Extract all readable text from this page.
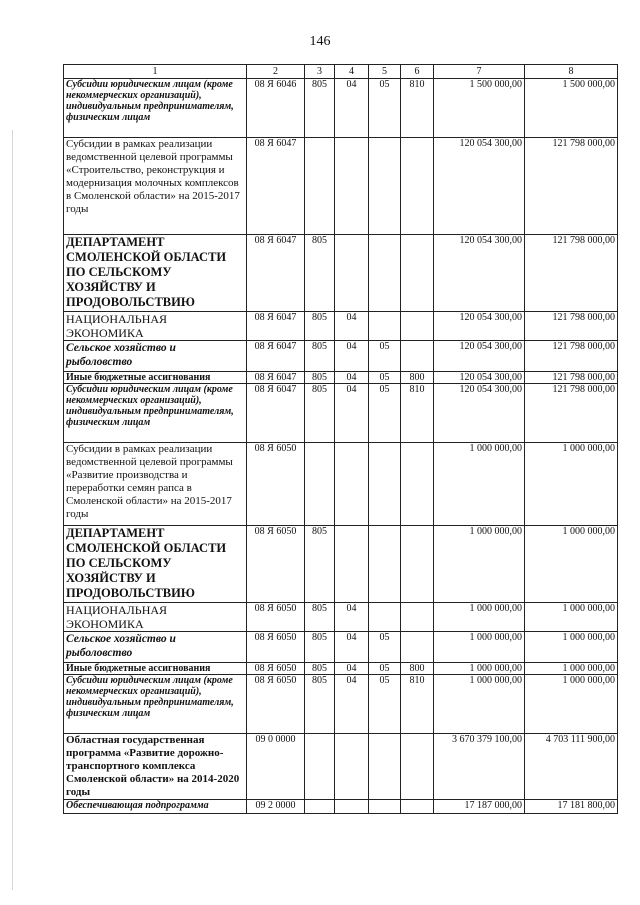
146
1	2	3	4	5	6	7	8
Субсидии юридическим лицам (кроме некоммерческих организаций), индивидуальным предпринимателям, физическим лицам	08 Я 6046	805	04	05	810	1 500 000,00	1 500 000,00
Субсидии в рамках реализации ведомственной целевой программы «Строительство, реконструкция и модернизация молочных комплексов в Смоленской области» на 2015-2017 годы	08 Я 6047					120 054 300,00	121 798 000,00
ДЕПАРТАМЕНТ СМОЛЕНСКОЙ ОБЛАСТИ ПО СЕЛЬСКОМУ ХОЗЯЙСТВУ И ПРОДОВОЛЬСТВИЮ	08 Я 6047	805				120 054 300,00	121 798 000,00
НАЦИОНАЛЬНАЯ ЭКОНОМИКА	08 Я 6047	805	04			120 054 300,00	121 798 000,00
Сельское хозяйство и рыболовство	08 Я 6047	805	04	05		120 054 300,00	121 798 000,00
Иные бюджетные ассигнования	08 Я 6047	805	04	05	800	120 054 300,00	121 798 000,00
Субсидии юридическим лицам (кроме некоммерческих организаций), индивидуальным предпринимателям, физическим лицам	08 Я 6047	805	04	05	810	120 054 300,00	121 798 000,00
Субсидии в рамках реализации ведомственной целевой программы «Развитие производства и переработки семян рапса в Смоленской области» на 2015-2017 годы	08 Я 6050					1 000 000,00	1 000 000,00
ДЕПАРТАМЕНТ СМОЛЕНСКОЙ ОБЛАСТИ ПО СЕЛЬСКОМУ ХОЗЯЙСТВУ И ПРОДОВОЛЬСТВИЮ	08 Я 6050	805				1 000 000,00	1 000 000,00
НАЦИОНАЛЬНАЯ ЭКОНОМИКА	08 Я 6050	805	04			1 000 000,00	1 000 000,00
Сельское хозяйство и рыболовство	08 Я 6050	805	04	05		1 000 000,00	1 000 000,00
Иные бюджетные ассигнования	08 Я 6050	805	04	05	800	1 000 000,00	1 000 000,00
Субсидии юридическим лицам (кроме некоммерческих организаций), индивидуальным предпринимателям, физическим лицам	08 Я 6050	805	04	05	810	1 000 000,00	1 000 000,00
Областная государственная программа «Развитие дорожно-транспортного комплекса Смоленской области» на 2014-2020 годы	09 0 0000					3 670 379 100,00	4 703 111 900,00
Обеспечивающая подпрограмма	09 2 0000					17 187 000,00	17 181 800,00
